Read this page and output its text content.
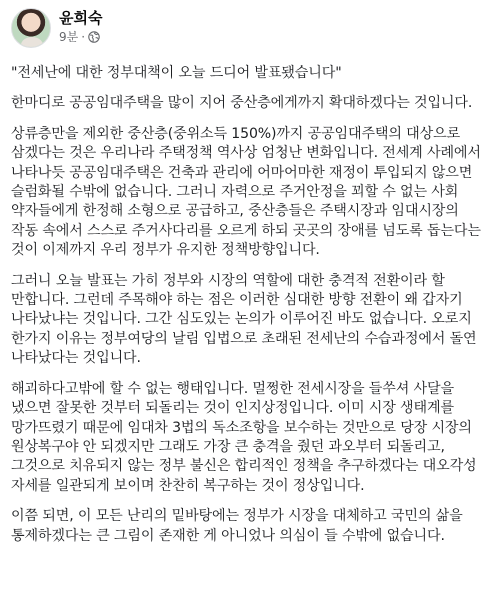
윤희숙
9분 ·

"전세난에 대한 정부대책이 오늘 드디어 발표됐습니다"

한마디로 공공임대주택을 많이 지어 중산층에게까지 확대하겠다는 것입니다.

상류층만을 제외한 중산층(중위소득 150%)까지 공공임대주택의 대상으로 삼겠다는 것은 우리나라 주택정책 역사상 엄청난 변화입니다. 전세계 사례에서 나타나듯 공공임대주택은 건축과 관리에 어마어마한 재정이 투입되지 않으면 슬럼화될 수밖에 없습니다. 그러니 자력으로 주거안정을 꾀할 수 없는 사회 약자들에게 한정해 소형으로 공급하고, 중산층들은 주택시장과 임대시장의 작동 속에서 스스로 주거사다리를 오르게 하되 곳곳의 장애를 넘도록 돕는다는 것이 이제까지 우리 정부가 유지한 정책방향입니다.

그러니 오늘 발표는 가히 정부와 시장의 역할에 대한 충격적 전환이라 할 만합니다. 그런데 주목해야 하는 점은 이러한 심대한 방향 전환이 왜 갑자기 나타났냐는 것입니다. 그간 심도있는 논의가 이루어진 바도 없습니다. 오로지 한가지 이유는 정부여당의 날림 입법으로 초래된 전세난의 수습과정에서 돌연 나타났다는 것입니다.

해괴하다고밖에 할 수 없는 행태입니다. 멀쩡한 전세시장을 들쑤셔 사달을 냈으면 잘못한 것부터 되돌리는 것이 인지상정입니다. 이미 시장 생태계를 망가뜨렸기 때문에 임대차 3법의 독소조항을 보수하는 것만으로 당장 시장의 원상복구야 안 되겠지만 그래도 가장 큰 충격을 줬던 과오부터 되돌리고, 그것으로 치유되지 않는 정부 불신은 합리적인 정책을 추구하겠다는 대오각성 자세를 일관되게 보이며 찬찬히 복구하는 것이 정상입니다.

이쯤 되면, 이 모든 난리의 밑바탕에는 정부가 시장을 대체하고 국민의 삶을 통제하겠다는 큰 그림이 존재한 게 아니었나 의심이 들 수밖에 없습니다.
